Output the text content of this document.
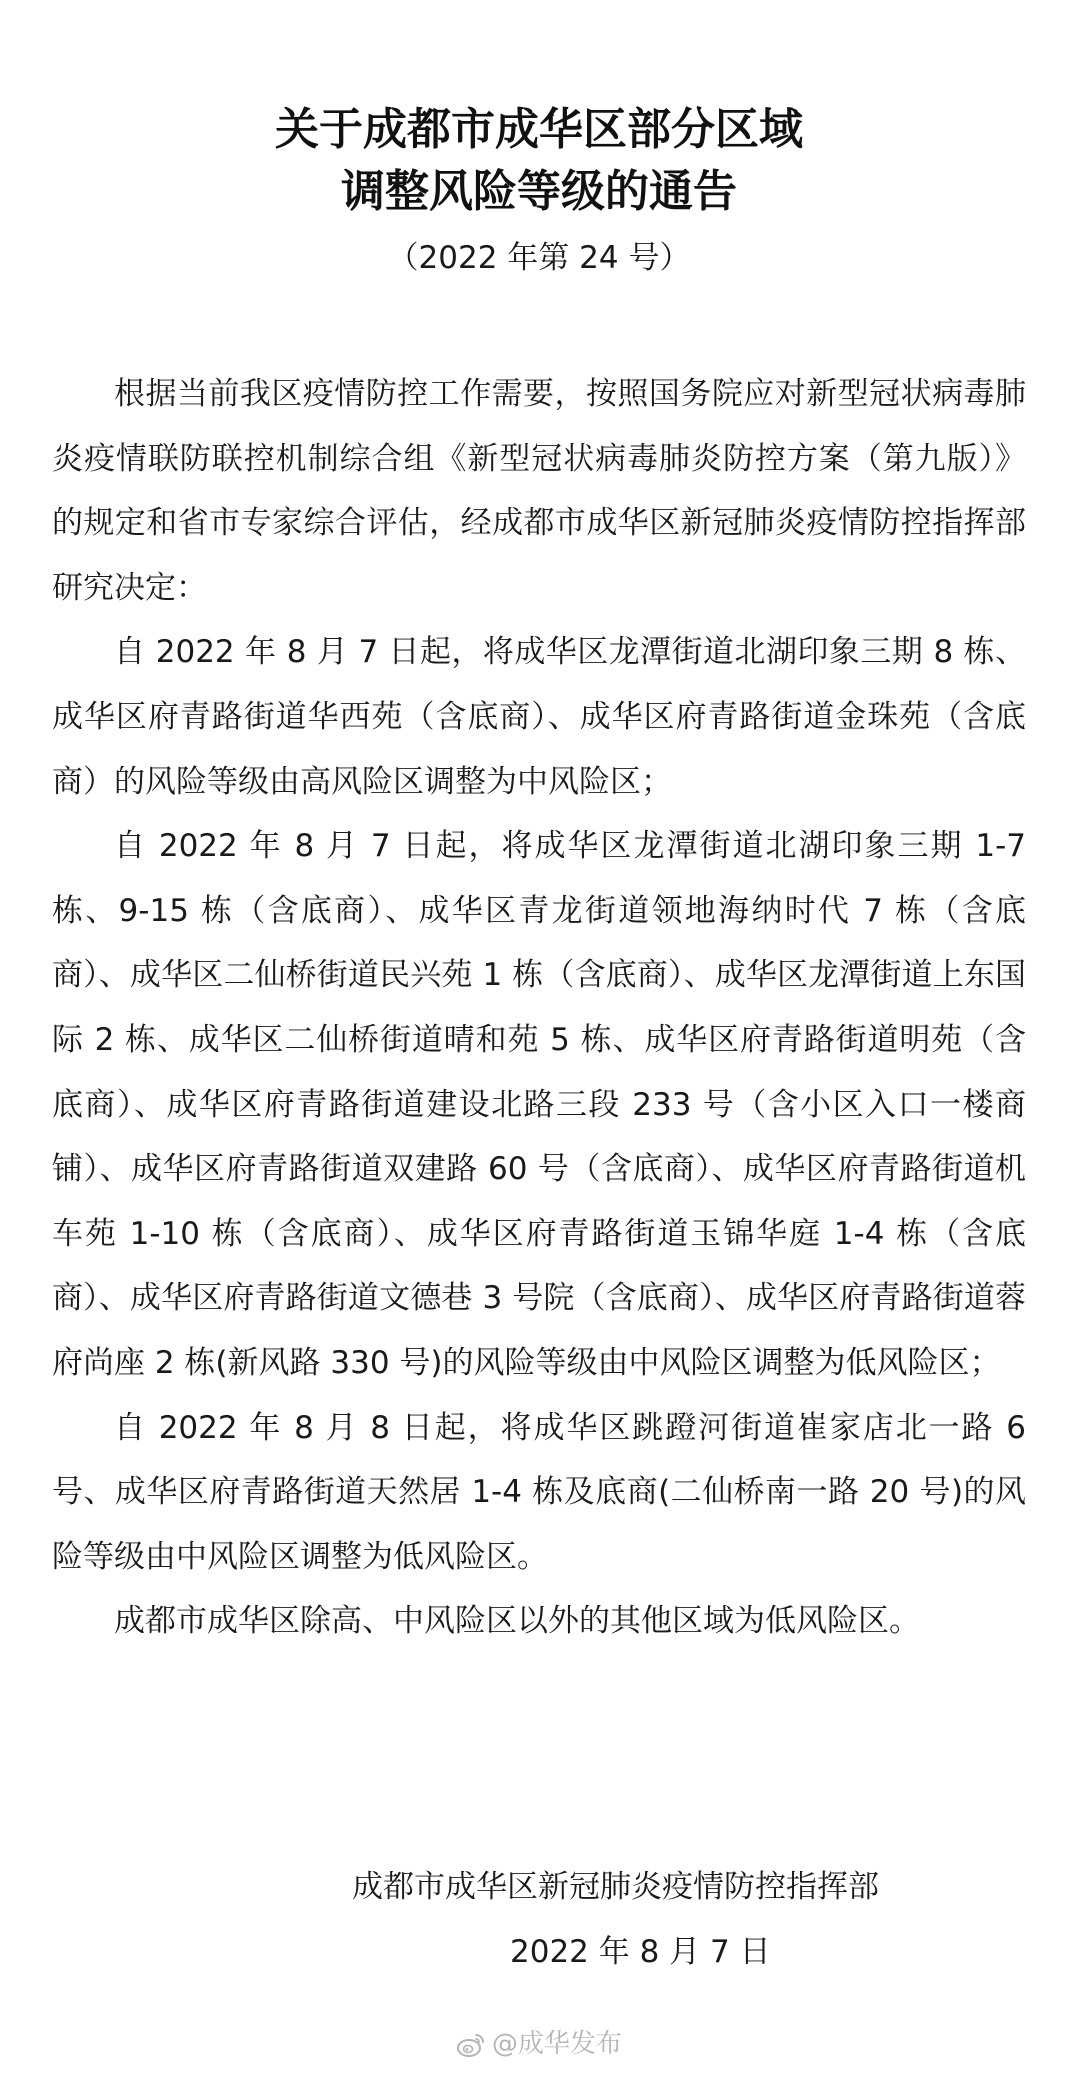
关于成都市成华区部分区域
调整风险等级的通告
（2022 年第 24 号）

根据当前我区疫情防控工作需要，按照国务院应对新型冠状病毒肺炎疫情联防联控机制综合组《新型冠状病毒肺炎防控方案（第九版）》的规定和省市专家综合评估，经成都市成华区新冠肺炎疫情防控指挥部研究决定：

自 2022 年 8 月 7 日起，将成华区龙潭街道北湖印象三期 8 栋、成华区府青路街道华西苑（含底商）、成华区府青路街道金珠苑（含底商）的风险等级由高风险区调整为中风险区；

自 2022 年 8 月 7 日起，将成华区龙潭街道北湖印象三期 1-7 栋、9-15 栋（含底商）、成华区青龙街道领地海纳时代 7 栋（含底商）、成华区二仙桥街道民兴苑 1 栋（含底商）、成华区龙潭街道上东国际 2 栋、成华区二仙桥街道晴和苑 5 栋、成华区府青路街道明苑（含底商）、成华区府青路街道建设北路三段 233 号（含小区入口一楼商铺）、成华区府青路街道双建路 60 号（含底商）、成华区府青路街道机车苑 1-10 栋（含底商）、成华区府青路街道玉锦华庭 1-4 栋（含底商）、成华区府青路街道文德巷 3 号院（含底商）、成华区府青路街道蓉府尚座 2 栋(新风路 330 号)的风险等级由中风险区调整为低风险区；

自 2022 年 8 月 8 日起，将成华区跳蹬河街道崔家店北一路 6 号、成华区府青路街道天然居 1-4 栋及底商(二仙桥南一路 20 号)的风险等级由中风险区调整为低风险区。

成都市成华区除高、中风险区以外的其他区域为低风险区。

成都市成华区新冠肺炎疫情防控指挥部
2022 年 8 月 7 日
@成华发布
